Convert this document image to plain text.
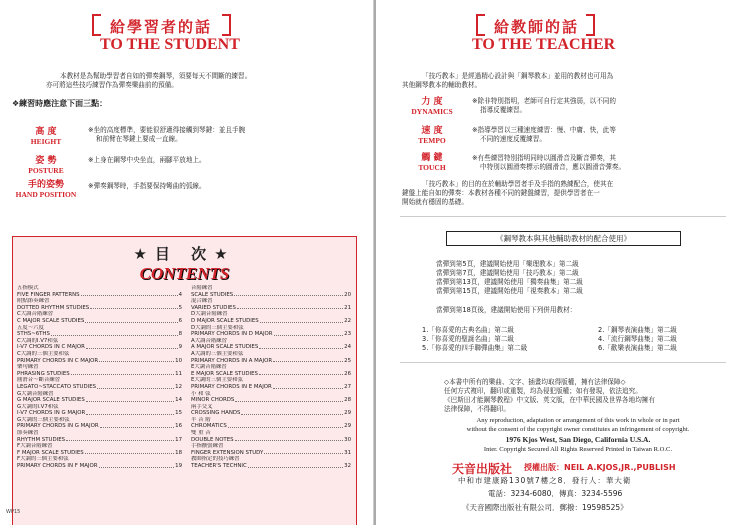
給學習者的話
TO THE STUDENT
本教材是為幫助學習者自如的彈奏鋼琴，須要每天不間斷的練習。
亦可將這些技巧練習作為彈奏樂曲前的預備。
❖練習時應注意下面三點：
高 度
HEIGHT
※坐的高度標準，要能很舒適得接觸到琴鍵：並且手腕
和前臂在琴鍵上要成一直線。
姿 勢
POSTURE
※上身在鋼琴中央坐直，兩腳平放地上。
手的姿勢
HAND POSITION
※彈奏鋼琴時，手指要保持彎曲的弧線。
★目 次★
CONTENTS
五指模式
FIVE FINGER PATTERNS	4
附點節奏練習
DOTTED RHYTHM STUDIES	5
C大調音階練習
C MAJOR SCALE STUDIES	6
五度～六度
5THS~6THS	8
C大調的I.V7和弦
I-V7 CHORDS IN C MAJOR	9
C大調的三個主要和弦
PRIMARY CHORDS IN C MAJOR	10
樂句練習
PHRASING STUDIES	11
圓滑音～斷音練習
LEGATO~STACCATO STUDIES	12
G大調音階練習
G MAJOR SCALE STUDIES	14
G大調的I.V7和弦
I-V7 CHORDS IN G MAJOR	15
G大調的三個主要和弦
PRIMARY CHORDS IN G MAJOR	16
節奏練習
RHYTHM STUDIES	17
F大調音階練習
F MAJOR SCALE STUDIES	18
F大調的三個主要和弦
PRIMARY CHORDS IN F MAJOR	19
音階練習
SCALE STUDIES	20
混合練習
VARIED STUDIES	21
D大調音階練習
D MAJOR SCALE STUDIES	22
D大調的三個主要和弦
PRIMARY CHORDS IN D MAJOR	23
A大調音階練習
A MAJOR SCALE STUDIES	24
A大調的三個主要和弦
PRIMARY CHORDS IN A MAJOR	25
E大調音階練習
E MAJOR SCALE STUDIES	26
E大調的三個主要和弦
PRIMARY CHORDS IN E MAJOR	27
小 和 弦
MINOR CHORDS	28
兩手交叉
CROSSING HANDS	29
半 音 階
CHROMATICS	29
雙 重 音
DOUBLE NOTES	30
手指擴張練習
FINGER EXTENSION STUDY	31
教師指定的技巧練習
TEACHER'S TECHNIC	32
WP15
給教師的話
TO THE TEACHER
「技巧教本」是經過精心設計與「鋼琴教本」並用的教材也可用為
其他鋼琴教本的輔助教材。
力 度
DYNAMICS
※除非特別指明，老師可自行定其強弱，以不同的
指導反覆練習。
速 度
TEMPO
※指導學習以三種速度練習：慢、中庸、快，此等
不同的速度反覆練習。
觸 鍵
TOUCH
※有些練習特別指明同時以圓滑音及斷音彈奏，其
中特別以圓滑奏標示的圓滑音，應以圓滑音彈奏。
「技巧教本」的目的在於輔助學習者手及手指的熟練配合，使其在
鍵盤上能自如的彈奏：本教材各種不同的鍵盤練習，提供學習者在一
開始就有穩固的基礎。
《鋼琴教本與其他輔助教材的配合使用》
當彈到第5頁，建議開始使用「樂理教本」第二級
當彈到第7頁，建議開始使用「技巧教本」第二級
當彈到第13頁，建議開始使用「獨奏曲集」第二級
當彈到第15頁，建議開始使用「視奏教本」第二級
當彈到第18頁後，建議開始使用下列併用教材：
1.「你喜愛的古典名曲」第二級
3.「你喜愛的聖誕名曲」第二級
5.「你喜愛的四手聯彈曲集」第二級
2.「鋼琴表演曲集」第二級
4.「流行鋼琴曲集」第二級
6.「歡樂表演曲集」第二級
◇本書中所有的樂曲、文字、插畫均取得版權，擁有法律保障◇
任何方式複印，翻印或重製，均為侵犯版權；如有發現，依法追究。
《巴斯田才能鋼琴教程》中文版、英文版，在中華民國及世界各地均擁有
法律保障，不得翻印。
Any reproduction, adaptation or arrangement of this work in whole or in part
without the consent of the copyright owner constitutes an infringement of copyright.
1976 Kjos West, San Diego, California U.S.A.
Inter. Copyright Secured All Rights Reserved Printed in Taiwan R.O.C.
天音出版社 授權出版：NEIL A.KJOS,JR.,PUBLISH
中和市建康路130號7樓之8．發行人：華大衛
電話：3234-6080．傳真：3234-5596
《天音國際出版社有限公司．郵撥：19598525》
